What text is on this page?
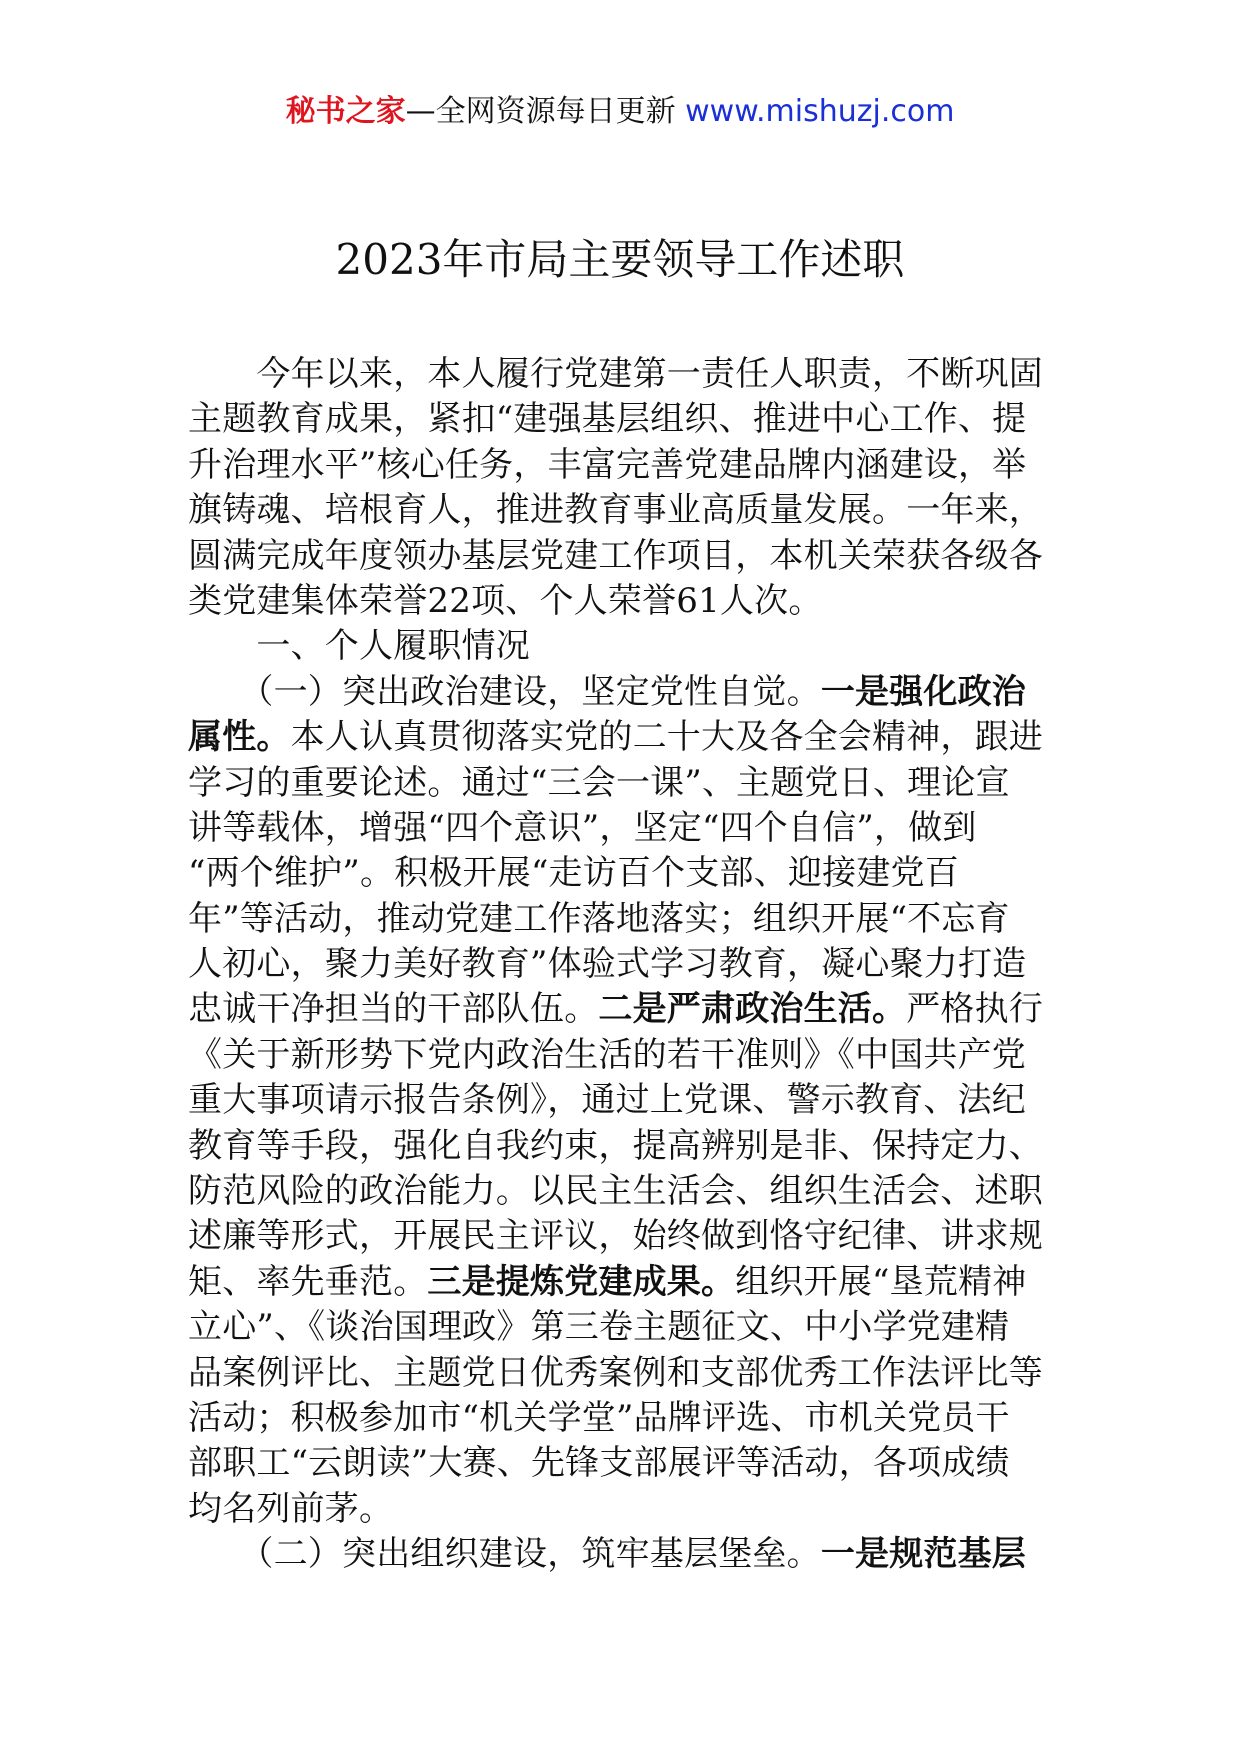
秘书之家—全网资源每日更新 www.mishuzj.com
2023年市局主要领导工作述职
　　今年以来，本人履行党建第一责任人职责，不断巩固
主题教育成果，紧扣“建强基层组织、推进中心工作、提
升治理水平”核心任务，丰富完善党建品牌内涵建设，举
旗铸魂、培根育人，推进教育事业高质量发展。一年来，
圆满完成年度领办基层党建工作项目，本机关荣获各级各
类党建集体荣誉22项、个人荣誉61人次。
　　一、个人履职情况
　　（一）突出政治建设，坚定党性自觉。一是强化政治
属性。本人认真贯彻落实党的二十大及各全会精神，跟进
学习的重要论述。通过“三会一课”、主题党日、理论宣
讲等载体，增强“四个意识”，坚定“四个自信”，做到
“两个维护”。积极开展“走访百个支部、迎接建党百
年”等活动，推动党建工作落地落实；组织开展“不忘育
人初心，聚力美好教育”体验式学习教育，凝心聚力打造
忠诚干净担当的干部队伍。二是严肃政治生活。严格执行
《关于新形势下党内政治生活的若干准则》《中国共产党
重大事项请示报告条例》，通过上党课、警示教育、法纪
教育等手段，强化自我约束，提高辨别是非、保持定力、
防范风险的政治能力。以民主生活会、组织生活会、述职
述廉等形式，开展民主评议，始终做到恪守纪律、讲求规
矩、率先垂范。三是提炼党建成果。组织开展“垦荒精神
立心”、《谈治国理政》第三卷主题征文、中小学党建精
品案例评比、主题党日优秀案例和支部优秀工作法评比等
活动；积极参加市“机关学堂”品牌评选、市机关党员干
部职工“云朗读”大赛、先锋支部展评等活动，各项成绩
均名列前茅。
　　（二）突出组织建设，筑牢基层堡垒。一是规范基层
